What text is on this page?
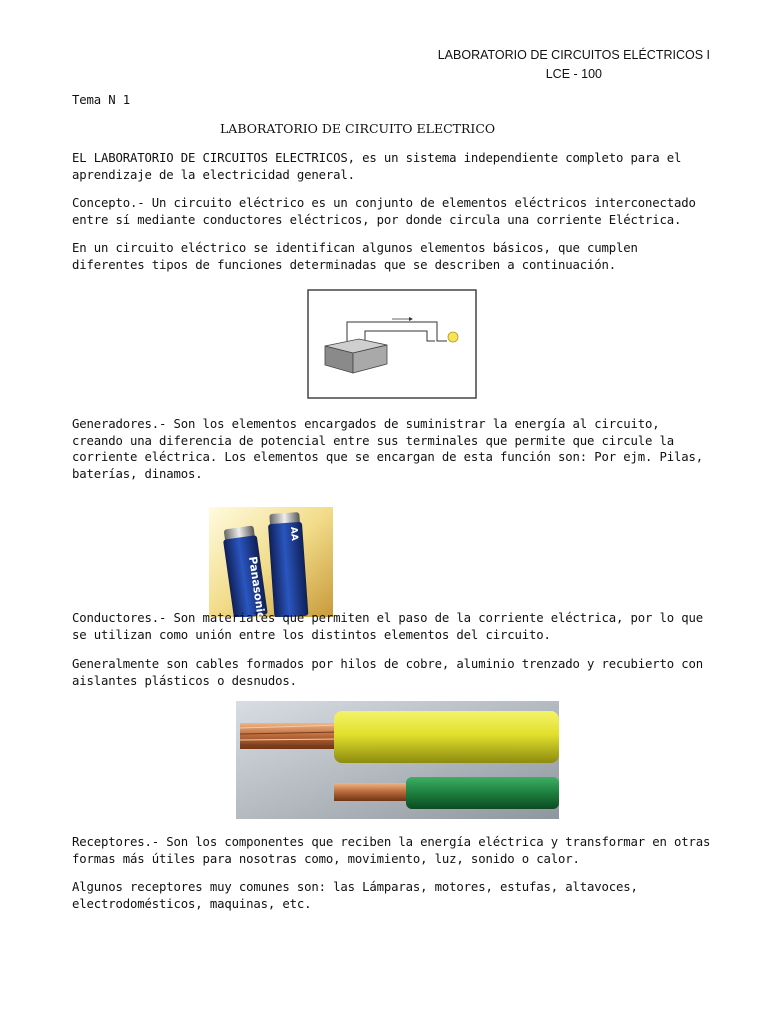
LABORATORIO DE CIRCUITOS ELÉCTRICOS I
LCE - 100

Tema N 1

LABORATORIO DE CIRCUITO ELECTRICO

EL LABORATORIO DE CIRCUITOS ELECTRICOS, es un sistema independiente completo para el aprendizaje de la electricidad general.

Concepto.- Un circuito eléctrico es un conjunto de elementos eléctricos interconectado entre sí mediante conductores eléctricos, por donde circula una corriente Eléctrica.

En un circuito eléctrico se identifican algunos elementos básicos, que cumplen diferentes tipos de funciones determinadas que se describen a continuación.

Generadores.- Son los elementos encargados de suministrar la energía al circuito, creando una diferencia de potencial entre sus terminales que permite que circule la corriente eléctrica. Los elementos que se encargan de esta función son: Por ejm. Pilas, baterías, dinamos.

Panasonic
AA

Conductores.- Son materiales que permiten el paso de la corriente eléctrica, por lo que se utilizan como unión entre los distintos elementos del circuito.

Generalmente son cables formados por hilos de cobre, aluminio trenzado y recubierto con aislantes plásticos o desnudos.

Receptores.- Son los componentes que reciben la energía eléctrica y transformar en otras formas más útiles para nosotras como, movimiento, luz, sonido o calor.

Algunos receptores muy comunes son: las Lámparas, motores, estufas, altavoces, electrodomésticos, maquinas, etc.
